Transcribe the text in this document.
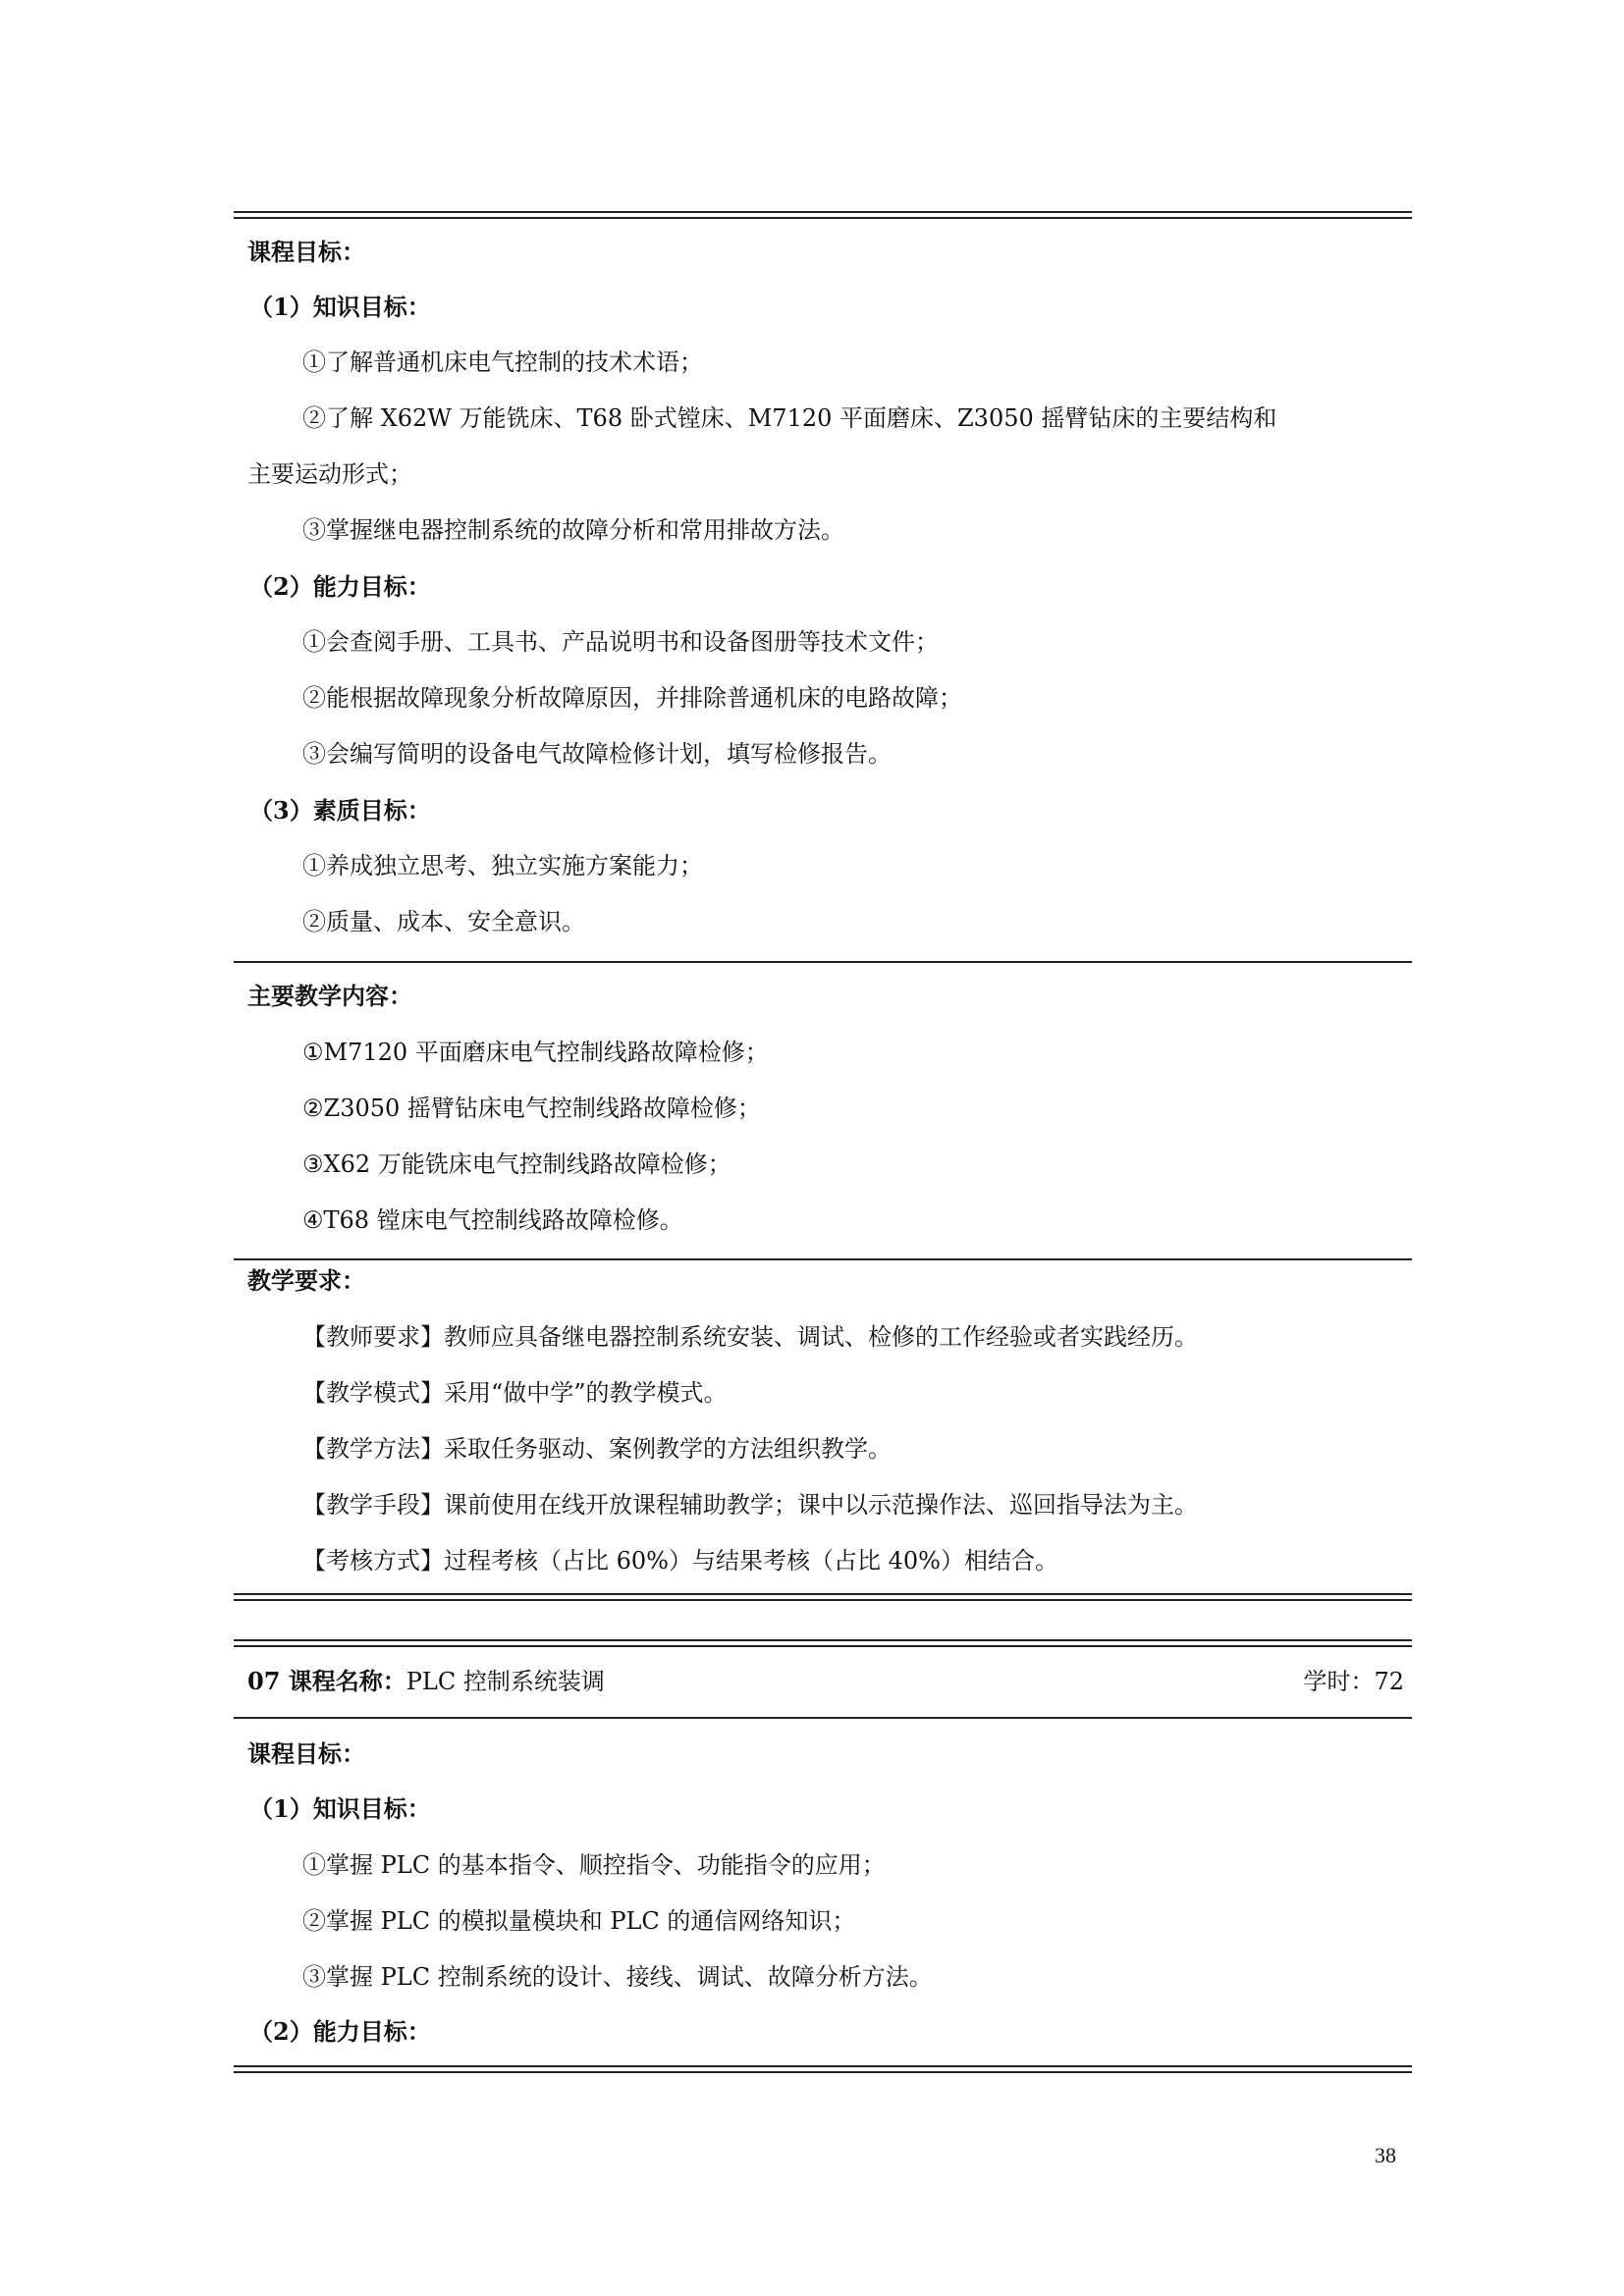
课程目标：
（1）知识目标：
①了解普通机床电气控制的技术术语；
②了解 X62W 万能铣床、T68 卧式镗床、M7120 平面磨床、Z3050 摇臂钻床的主要结构和
主要运动形式；
③掌握继电器控制系统的故障分析和常用排故方法。
（2）能力目标：
①会查阅手册、工具书、产品说明书和设备图册等技术文件；
②能根据故障现象分析故障原因，并排除普通机床的电路故障；
③会编写简明的设备电气故障检修计划，填写检修报告。
（3）素质目标：
①养成独立思考、独立实施方案能力；
②质量、成本、安全意识。
主要教学内容：
①M7120 平面磨床电气控制线路故障检修；
②Z3050 摇臂钻床电气控制线路故障检修；
③X62 万能铣床电气控制线路故障检修；
④T68 镗床电气控制线路故障检修。
教学要求：
【教师要求】教师应具备继电器控制系统安装、调试、检修的工作经验或者实践经历。
【教学模式】采用“做中学”的教学模式。
【教学方法】采取任务驱动、案例教学的方法组织教学。
【教学手段】课前使用在线开放课程辅助教学；课中以示范操作法、巡回指导法为主。
【考核方式】过程考核（占比 60%）与结果考核（占比 40%）相结合。
07 课程名称：PLC 控制系统装调	学时：72
课程目标：
（1）知识目标：
①掌握 PLC 的基本指令、顺控指令、功能指令的应用；
②掌握 PLC 的模拟量模块和 PLC 的通信网络知识；
③掌握 PLC 控制系统的设计、接线、调试、故障分析方法。
（2）能力目标：
38
